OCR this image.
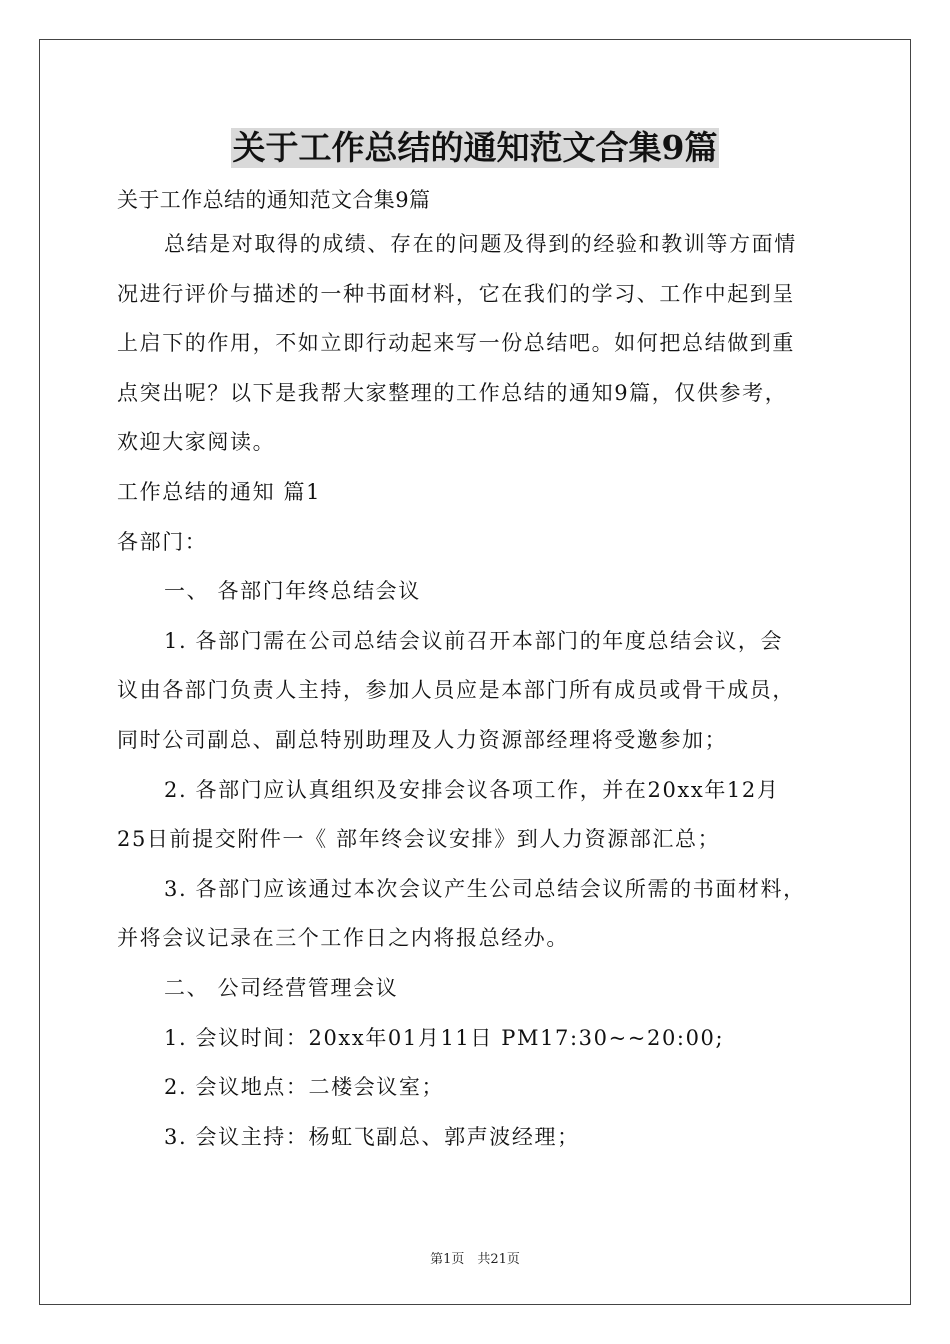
关于工作总结的通知范文合集9篇
关于工作总结的通知范文合集9篇
总结是对取得的成绩、存在的问题及得到的经验和教训等方面情
况进行评价与描述的一种书面材料，它在我们的学习、工作中起到呈
上启下的作用，不如立即行动起来写一份总结吧。如何把总结做到重
点突出呢？以下是我帮大家整理的工作总结的通知9篇，仅供参考，
欢迎大家阅读。
工作总结的通知 篇1
各部门：
一、 各部门年终总结会议
1. 各部门需在公司总结会议前召开本部门的年度总结会议，会
议由各部门负责人主持，参加人员应是本部门所有成员或骨干成员，
同时公司副总、副总特别助理及人力资源部经理将受邀参加；
2. 各部门应认真组织及安排会议各项工作，并在20xx年12月
25日前提交附件一《 部年终会议安排》到人力资源部汇总；
3. 各部门应该通过本次会议产生公司总结会议所需的书面材料，
并将会议记录在三个工作日之内将报总经办。
二、 公司经营管理会议
1. 会议时间：20xx年01月11日 PM17:30~~20:00;
2. 会议地点：二楼会议室；
3. 会议主持：杨虹飞副总、郭声波经理；
第1页　共21页
